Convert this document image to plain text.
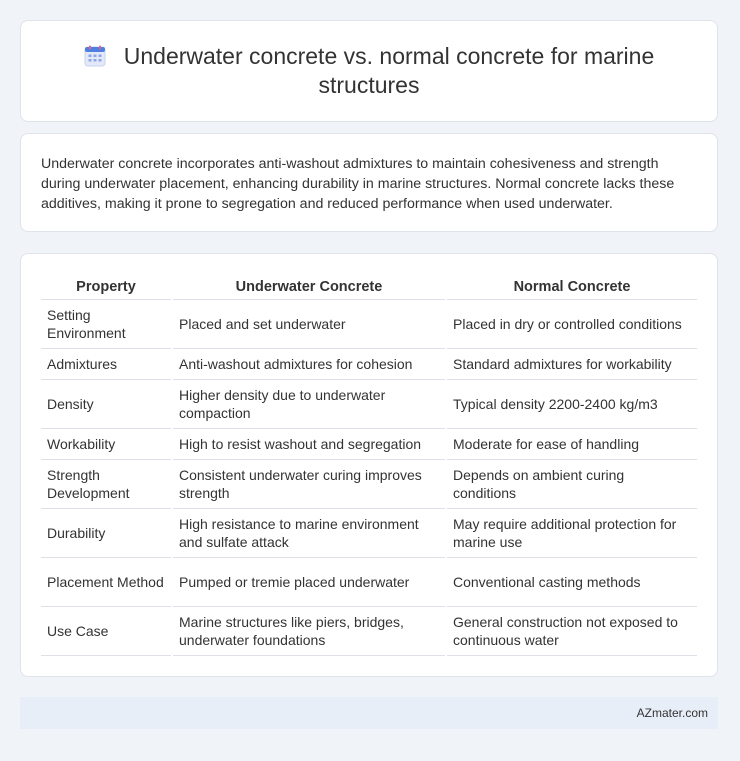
Underwater concrete vs. normal concrete for marine structures
Underwater concrete incorporates anti-washout admixtures to maintain cohesiveness and strength during underwater placement, enhancing durability in marine structures. Normal concrete lacks these additives, making it prone to segregation and reduced performance when used underwater.
Property	Underwater Concrete	Normal Concrete
Setting Environment	Placed and set underwater	Placed in dry or controlled conditions
Admixtures	Anti-washout admixtures for cohesion	Standard admixtures for workability
Density	Higher density due to underwater compaction	Typical density 2200-2400 kg/m3
Workability	High to resist washout and segregation	Moderate for ease of handling
Strength Development	Consistent underwater curing improves strength	Depends on ambient curing conditions
Durability	High resistance to marine environment and sulfate attack	May require additional protection for marine use
Placement Method	Pumped or tremie placed underwater	Conventional casting methods
Use Case	Marine structures like piers, bridges, underwater foundations	General construction not exposed to continuous water
AZmater.com
